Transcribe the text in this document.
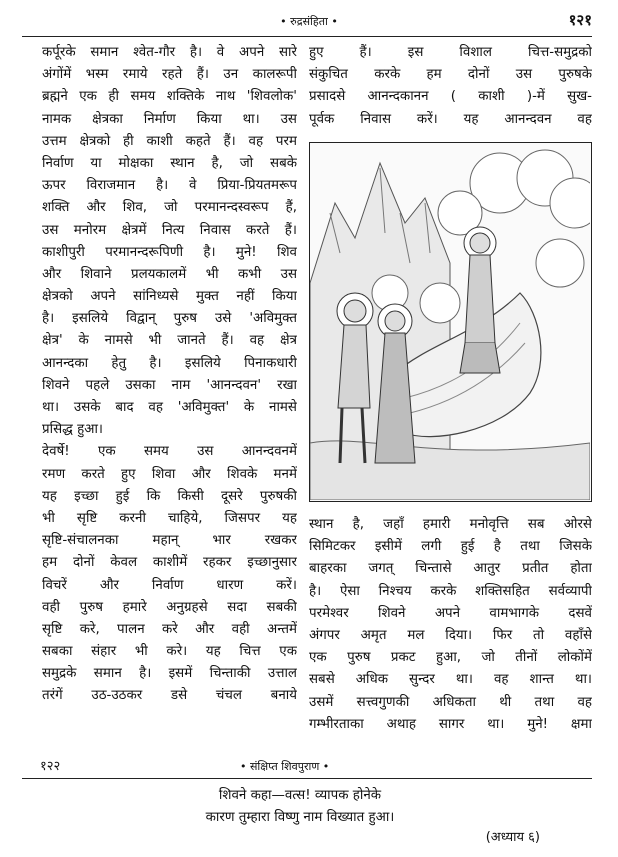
• रुद्रसंहिता •	१२१
कर्पूरके समान श्वेत-गौर है। वे अपने सारे
अंगोंमें भस्म रमाये रहते हैं। उन कालरूपी
ब्रह्मने एक ही समय शक्तिके नाथ 'शिवलोक'
नामक क्षेत्रका निर्माण किया था। उस
उत्तम क्षेत्रको ही काशी कहते हैं। वह परम
निर्वाण या मोक्षका स्थान है, जो सबके
ऊपर विराजमान है। वे प्रिया-प्रियतमरूप
शक्ति और शिव, जो परमानन्दस्वरूप हैं,
उस मनोरम क्षेत्रमें नित्य निवास करते हैं।
काशीपुरी परमानन्दरूपिणी है। मुने! शिव
और शिवाने प्रलयकालमें भी कभी उस
क्षेत्रको अपने सांनिध्यसे मुक्त नहीं किया
है। इसलिये विद्वान् पुरुष उसे 'अविमुक्त
क्षेत्र' के नामसे भी जानते हैं। वह क्षेत्र
आनन्दका हेतु है। इसलिये पिनाकधारी
शिवने पहले उसका नाम 'आनन्दवन' रखा
था। उसके बाद वह 'अविमुक्त' के नामसे
प्रसिद्ध हुआ।
देवर्षे! एक समय उस आनन्दवनमें
रमण करते हुए शिवा और शिवके मनमें
यह इच्छा हुई कि किसी दूसरे पुरुषकी
भी सृष्टि करनी चाहिये, जिसपर यह
सृष्टि-संचालनका महान् भार रखकर
हम दोनों केवल काशीमें रहकर इच्छानुसार
विचरें और निर्वाण धारण करें।
वही पुरुष हमारे अनुग्रहसे सदा सबकी
सृष्टि करे, पालन करे और वही अन्तमें
सबका संहार भी करे। यह चित्त एक
समुद्रके समान है। इसमें चिन्ताकी उत्ताल
तरंगें उठ-उठकर डसे चंचल बनाये
हुए हैं। इस विशाल चित्त-समुद्रको
संकुचित करके हम दोनों उस पुरुषके
प्रसादसे आनन्दकानन ( काशी )-में सुख-
पूर्वक निवास करें। यह आनन्दवन वह
स्थान है, जहाँ हमारी मनोवृत्ति सब ओरसे
सिमिटकर इसीमें लगी हुई है तथा जिसके
बाहरका जगत् चिन्तासे आतुर प्रतीत होता
है। ऐसा निश्चय करके शक्तिसहित सर्वव्यापी
परमेश्वर शिवने अपने वामभागके दसवें
अंगपर अमृत मल दिया। फिर तो वहाँसे
एक पुरुष प्रकट हुआ, जो तीनों लोकोंमें
सबसे अधिक सुन्दर था। वह शान्त था।
उसमें सत्त्वगुणकी अधिकता थी तथा वह
गम्भीरताका अथाह सागर था। मुने! क्षमा
१२२	• संक्षिप्त शिवपुराण •
शिवने कहा—वत्स! व्यापक होनेके
कारण तुम्हारा विष्णु नाम विख्यात हुआ।
(अध्याय ६)
